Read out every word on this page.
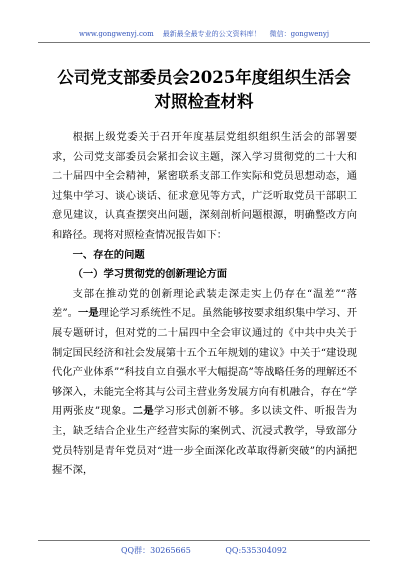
www.gongwenyj.com 最新最全最专业的公文资料库！ 微信：gongwenyj
公司党支部委员会2025年度组织生活会
对照检查材料

根据上级党委关于召开年度基层党组织组织生活会的部署要求，公司党支部委员会紧扣会议主题，深入学习贯彻党的二十大和二十届四中全会精神，紧密联系支部工作实际和党员思想动态，通过集中学习、谈心谈话、征求意见等方式，广泛听取党员干部职工意见建议，认真查摆突出问题，深刻剖析问题根源，明确整改方向和路径。现将对照检查情况报告如下：

一、存在的问题

（一）学习贯彻党的创新理论方面

支部在推动党的创新理论武装走深走实上仍存在“温差”“落差”。一是理论学习系统性不足。虽然能够按要求组织集中学习、开展专题研讨，但对党的二十届四中全会审议通过的《中共中央关于制定国民经济和社会发展第十五个五年规划的建议》中关于“建设现代化产业体系”“科技自立自强水平大幅提高”等战略任务的理解还不够深入，未能完全将其与公司主营业务发展方向有机融合，存在“学用两张皮”现象。二是学习形式创新不够。多以读文件、听报告为主，缺乏结合企业生产经营实际的案例式、沉浸式教学，导致部分党员特别是青年党员对“进一步全面深化改革取得新突破”的内涵把握不深，

QQ群：30265665	QQ:535304092
